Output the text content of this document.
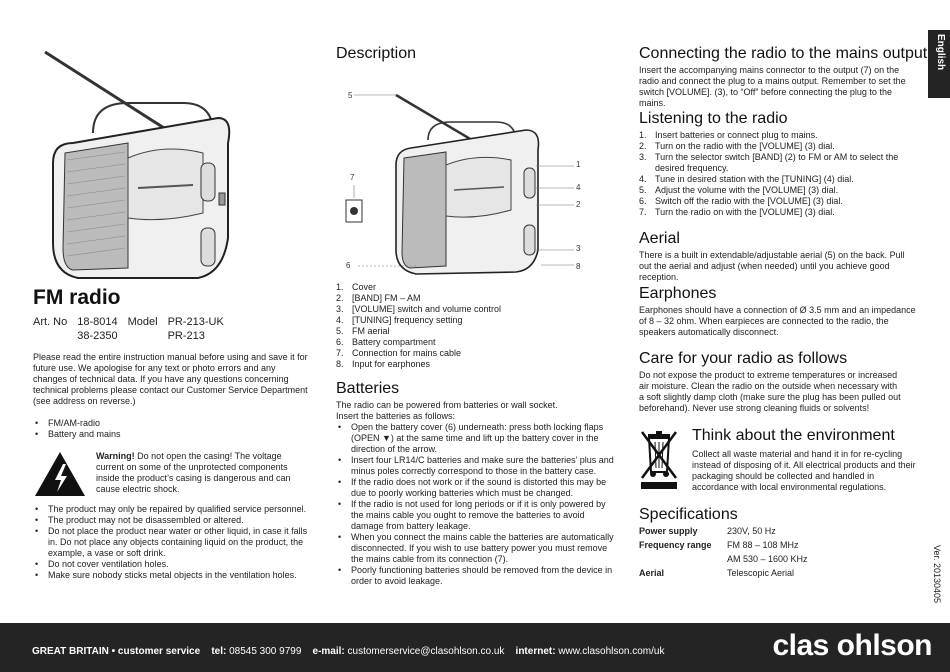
English
Ver. 20130405
FM radio
Art. No	18-8014	Model	PR-213-UK
	38-2350		PR-213

Please read the entire instruction manual before using and save it for future use. We apologise for any text or photo errors and any changes of technical data. If you have any questions concerning technical problems please contact our Customer Service Department (see address on reverse.)

• FM/AM-radio
• Battery and mains

Warning! Do not open the casing! The voltage current on some of the unprotected components inside the product’s casing is dangerous and can cause electric shock.

• The product may only be repaired by qualified service personnel.
• The product may not be disassembled or altered.
• Do not place the product near water or other liquid, in case it falls in. Do not place any objects containing liquid on the product, the example, a vase or soft drink.
• Do not cover ventilation holes.
• Make sure nobody sticks metal objects in the ventilation holes.
Description
5
7
6
1
4
2
3
8
1. Cover
2. [BAND] FM – AM
3. [VOLUME] switch and volume control
4. [TUNING] frequency setting
5. FM aerial
6. Battery compartment
7. Connection for mains cable
8. Input for earphones
Batteries

The radio can be powered from batteries or wall socket. Insert the batteries as follows:

• Open the battery cover (6) underneath: press both locking flaps (OPEN ▼) at the same time and lift up the battery cover in the direction of the arrow.
• Insert four LR14/C batteries and make sure the batteries’ plus and minus poles correctly correspond to those in the battery case.
• If the radio does not work or if the sound is distorted this may be due to poorly working batteries which must be changed.
• If the radio is not used for long periods or if it is only powered by the mains cable you ought to remove the batteries to avoid damage from battery leakage.
• When you connect the mains cable the batteries are automatically disconnected. If you wish to use battery power you must remove the mains cable from its connection (7).
• Poorly functioning batteries should be removed from the device in order to avoid leakage.
Connecting the radio to the mains output

Insert the accompanying mains connector to the output (7) on the radio and connect the plug to a mains output. Remember to set the switch [VOLUME]. (3), to “Off” before connecting the plug to the mains.

Listening to the radio
1. Insert batteries or connect plug to mains.
2. Turn on the radio with the [VOLUME] (3) dial.
3. Turn the selector switch [BAND] (2) to FM or AM to select the desired frequency.
4. Tune in desired station with the [TUNING] (4) dial.
5. Adjust the volume with the [VOLUME] (3) dial.
6. Switch off the radio with the [VOLUME] (3) dial.
7. Turn the radio on with the [VOLUME] (3) dial.
Aerial

There is a built in extendable/adjustable aerial (5) on the back. Pull out the aerial and adjust (when needed) until you achieve good reception.

Earphones

Earphones should have a connection of Ø 3.5 mm and an impedance of 8 – 32 ohm. When earpieces are connected to the radio, the speakers automatically disconnect.

Care for your radio as follows

Do not expose the product to extreme temperatures or increased air moisture. Clean the radio on the outside when necessary with a soft slightly damp cloth (make sure the plug has been pulled out beforehand). Never use strong cleaning fluids or solvents!

Think about the environment

Collect all waste material and hand it in for re-cycling instead of disposing of it. All electrical products and their packaging should be collected and handled in accordance with local environmental regulations.

Specifications
Power supply	230V, 50 Hz
Frequency range	FM 88 – 108 MHz
	AM 530 – 1600 KHz
Aerial	Telescopic Aerial
GREAT BRITAIN • customer service tel: 08545 300 9799 e-mail: customerservice@clasohlson.co.uk internet: www.clasohlson.com/uk	clas ohlson
